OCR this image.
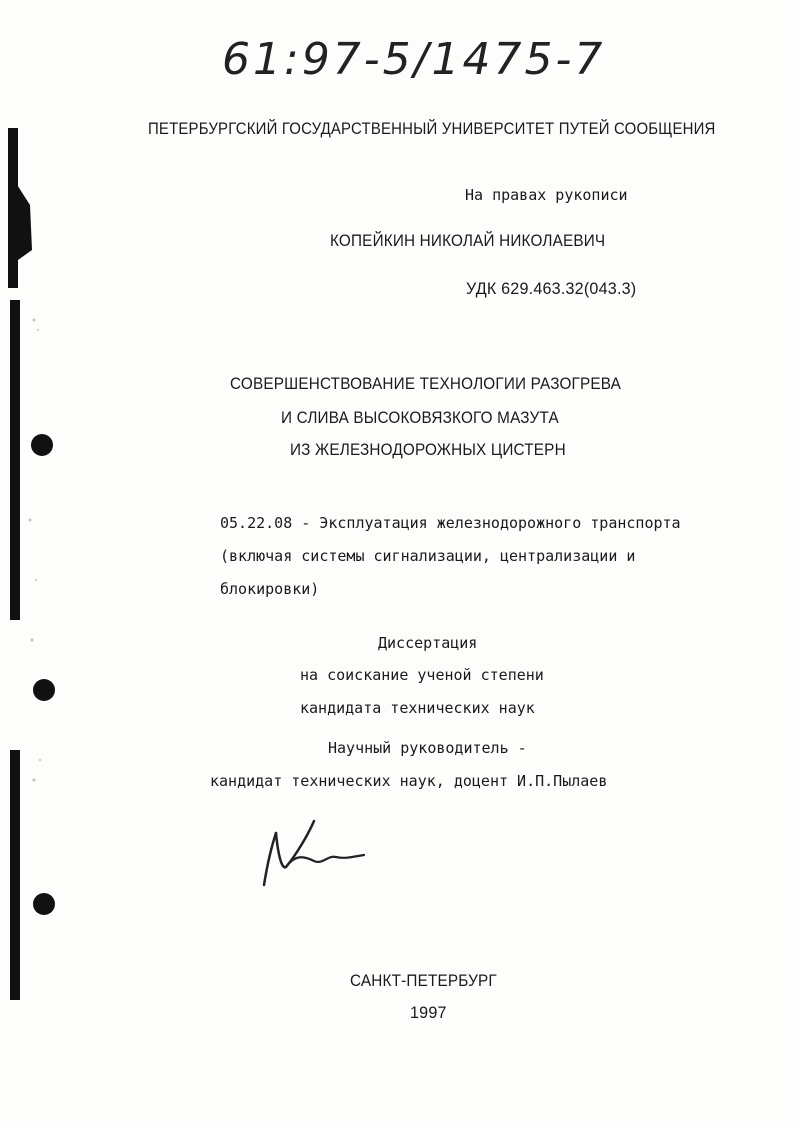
61:97-5/1475-7
ПЕТЕРБУРГСКИЙ ГОСУДАРСТВЕННЫЙ УНИВЕРСИТЕТ ПУТЕЙ СООБЩЕНИЯ
На правах рукописи
КОПЕЙКИН НИКОЛАЙ НИКОЛАЕВИЧ
УДК 629.463.32(043.3)
СОВЕРШЕНСТВОВАНИЕ ТЕХНОЛОГИИ РАЗОГРЕВА
И СЛИВА ВЫСОКОВЯЗКОГО МАЗУТА
ИЗ ЖЕЛЕЗНОДОРОЖНЫХ ЦИСТЕРН
05.22.08 - Эксплуатация железнодорожного транспорта
(включая системы сигнализации, централизации и
блокировки)
Диссертация
на соискание ученой степени
кандидата технических наук
Научный руководитель -
кандидат технических наук, доцент И.П.Пылаев
САНКТ-ПЕТЕРБУРГ
1997
